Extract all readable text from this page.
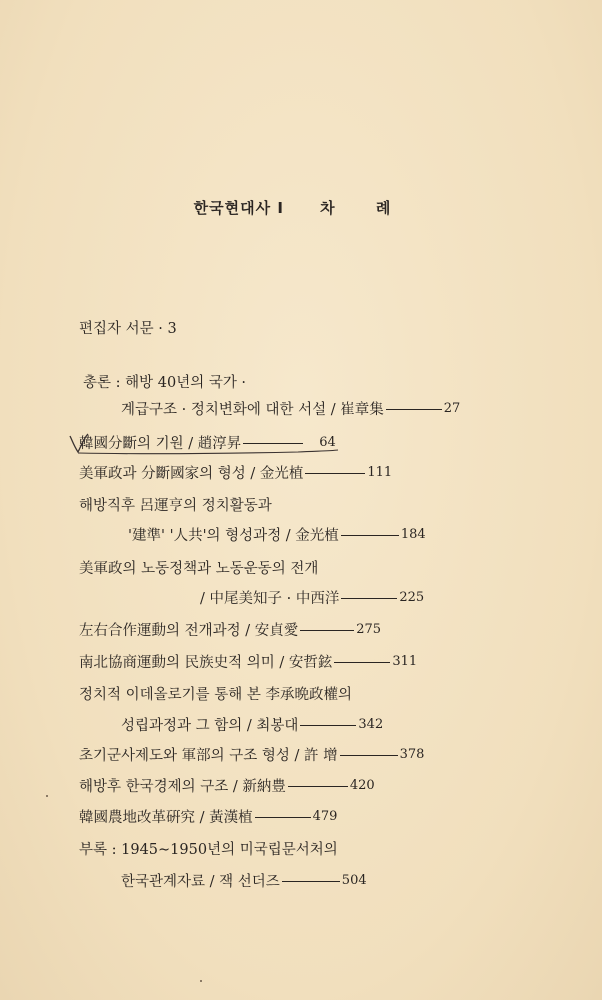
한국현대사 I 차 례
편집자 서문 · 3
총론 : 해방 40년의 국가 ·
계급구조 · 정치변화에 대한 서설 / 崔章集	27
韓國分斷의 기원 / 趙淳昇	64
美軍政과 分斷國家의 형성 / 金光植	111
해방직후 呂運亨의 정치활동과
'建準' '人共'의 형성과정 / 金光植	184
美軍政의 노동정책과 노동운동의 전개
/ 中尾美知子 · 中西洋	225
左右合作運動의 전개과정 / 安貞愛	275
南北協商運動의 民族史적 의미 / 安哲鉉	311
정치적 이데올로기를 통해 본 李承晩政權의
성립과정과 그 함의 / 최봉대	342
초기군사제도와 軍部의 구조 형성 / 許 增	378
해방후 한국경제의 구조 / 新納豊	420
韓國農地改革硏究 / 黃漢植	479
부록 : 1945∼1950년의 미국립문서처의
한국관계자료 / 잭 선더즈	504
